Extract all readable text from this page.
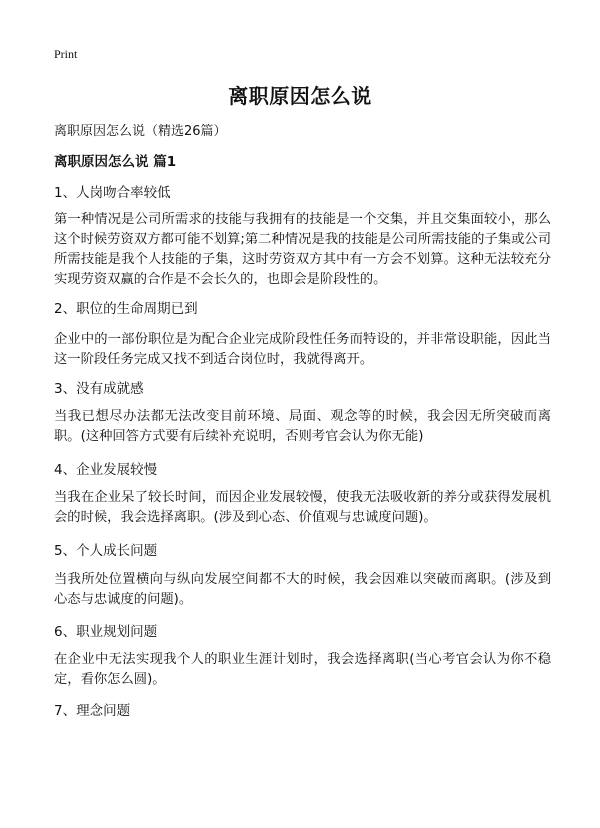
Print
离职原因怎么说
离职原因怎么说（精选26篇）
离职原因怎么说 篇1
1、人岗吻合率较低
第一种情况是公司所需求的技能与我拥有的技能是一个交集，并且交集面较小，那么这个时候劳资双方都可能不划算;第二种情况是我的技能是公司所需技能的子集或公司所需技能是我个人技能的子集，这时劳资双方其中有一方会不划算。这种无法较充分实现劳资双赢的合作是不会长久的，也即会是阶段性的。
2、职位的生命周期已到
企业中的一部份职位是为配合企业完成阶段性任务而特设的，并非常设职能，因此当这一阶段任务完成又找不到适合岗位时，我就得离开。
3、没有成就感
当我已想尽办法都无法改变目前环境、局面、观念等的时候，我会因无所突破而离职。(这种回答方式要有后续补充说明，否则考官会认为你无能)
4、企业发展较慢
当我在企业呆了较长时间，而因企业发展较慢，使我无法吸收新的养分或获得发展机会的时候，我会选择离职。(涉及到心态、价值观与忠诚度问题)。
5、个人成长问题
当我所处位置横向与纵向发展空间都不大的时候，我会因难以突破而离职。(涉及到心态与忠诚度的问题)。
6、职业规划问题
在企业中无法实现我个人的职业生涯计划时，我会选择离职(当心考官会认为你不稳定，看你怎么圆)。
7、理念问题
